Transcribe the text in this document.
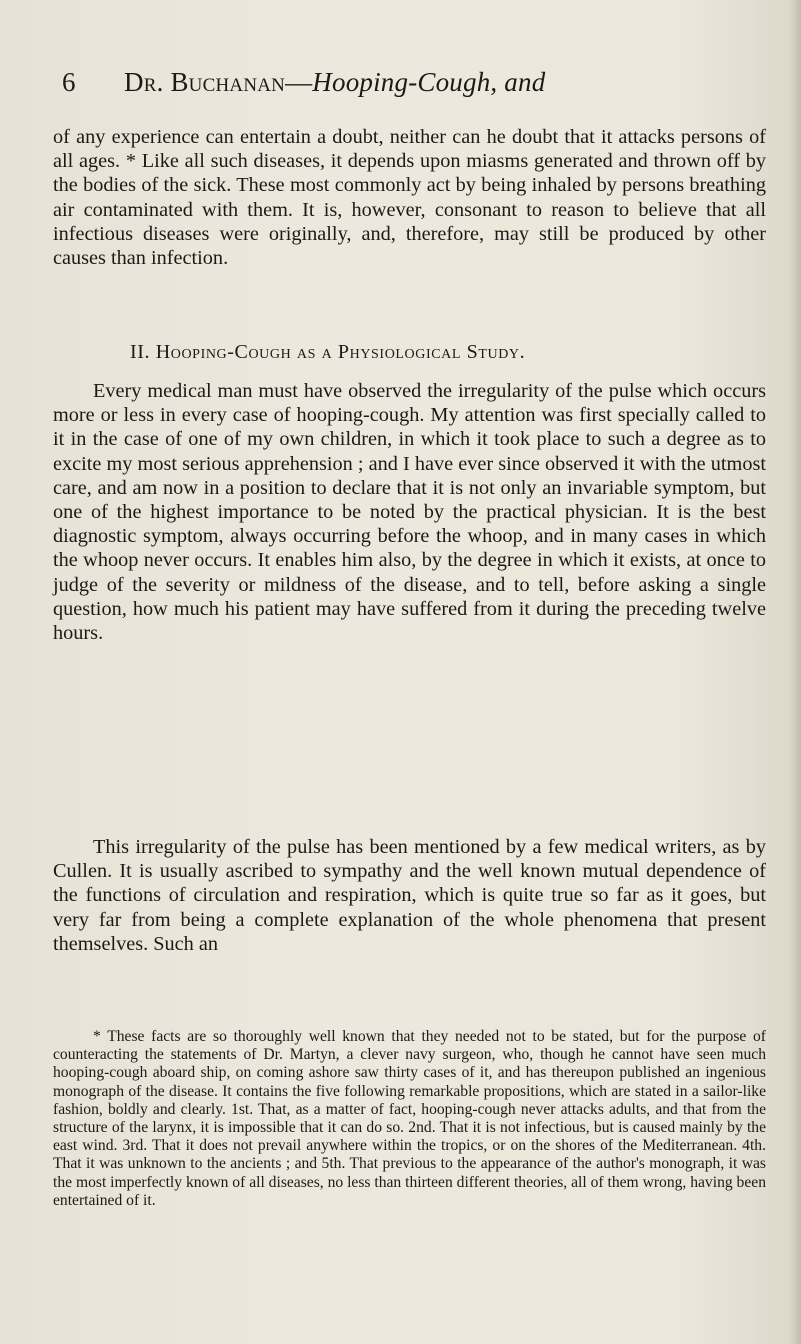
6 Dr. Buchanan—Hooping-Cough, and

of any experience can entertain a doubt, neither can he doubt that it attacks persons of all ages. * Like all such diseases, it depends upon miasms generated and thrown off by the bodies of the sick. These most commonly act by being inhaled by persons breathing air contaminated with them. It is, however, consonant to reason to believe that all infectious diseases were originally, and, therefore, may still be produced by other causes than infection.

II. Hooping-Cough as a Physiological Study.

Every medical man must have observed the irregularity of the pulse which occurs more or less in every case of hooping-cough. My attention was first specially called to it in the case of one of my own children, in which it took place to such a degree as to excite my most serious apprehension ; and I have ever since observed it with the utmost care, and am now in a position to declare that it is not only an invariable symptom, but one of the highest importance to be noted by the practical physician. It is the best diagnostic symptom, always occurring before the whoop, and in many cases in which the whoop never occurs. It enables him also, by the degree in which it exists, at once to judge of the severity or mildness of the disease, and to tell, before asking a single question, how much his patient may have suffered from it during the preceding twelve hours.

This irregularity of the pulse has been mentioned by a few medical writers, as by Cullen. It is usually ascribed to sympathy and the well known mutual dependence of the functions of circulation and respiration, which is quite true so far as it goes, but very far from being a complete explanation of the whole phenomena that present themselves. Such an

* These facts are so thoroughly well known that they needed not to be stated, but for the purpose of counteracting the statements of Dr. Martyn, a clever navy surgeon, who, though he cannot have seen much hooping-cough aboard ship, on coming ashore saw thirty cases of it, and has thereupon published an ingenious monograph of the disease. It contains the five following remarkable propositions, which are stated in a sailor-like fashion, boldly and clearly. 1st. That, as a matter of fact, hooping-cough never attacks adults, and that from the structure of the larynx, it is impossible that it can do so. 2nd. That it is not infectious, but is caused mainly by the east wind. 3rd. That it does not prevail anywhere within the tropics, or on the shores of the Mediterranean. 4th. That it was unknown to the ancients ; and 5th. That previous to the appearance of the author's monograph, it was the most imperfectly known of all diseases, no less than thirteen different theories, all of them wrong, having been entertained of it.
